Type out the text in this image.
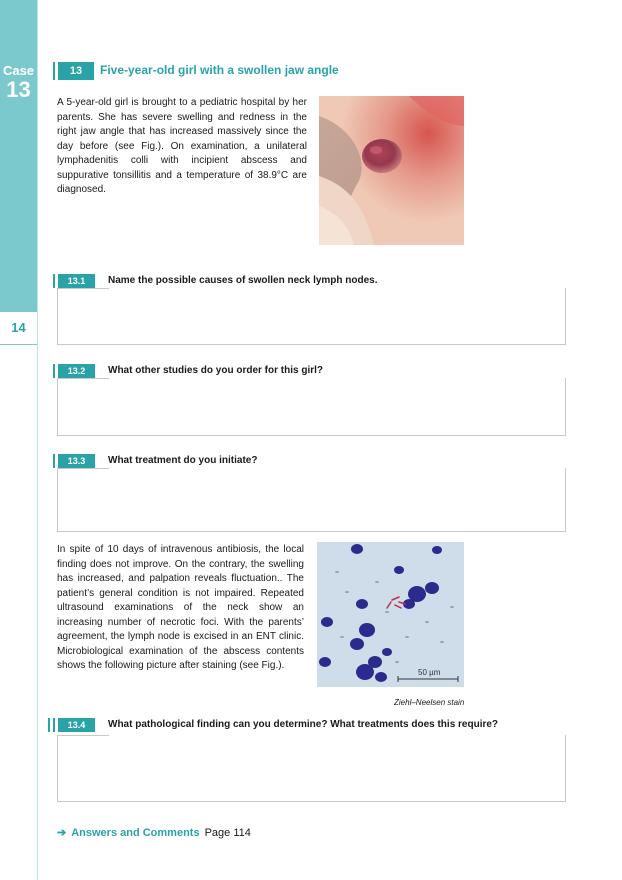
Case
13
14
13	Five-year-old girl with a swollen jaw angle
A 5-year-old girl is brought to a pediatric hospital by her parents. She has severe swelling and redness in the right jaw angle that has increased massively since the day before (see Fig.). On examination, a unilateral lymphadenitis colli with incipient abscess and suppurative tonsillitis and a temperature of 38.9°C are diagnosed.
13.1	Name the possible causes of swollen neck lymph nodes.
13.2	What other studies do you order for this girl?
13.3	What treatment do you initiate?
In spite of 10 days of intravenous antibiosis, the local finding does not improve. On the contrary, the swelling has increased, and palpation reveals fluctuation.. The patient’s general condition is not impaired. Repeated ultrasound examinations of the neck show an increasing number of necrotic foci. With the parents’ agreement, the lymph node is excised in an ENT clinic. Microbiological examination of the abscess contents shows the following picture after staining (see Fig.).
50 µm
Ziehl–Neelsen stain
13.4	What pathological finding can you determine? What treatments does this require?
➔ Answers and Comments Page 114
